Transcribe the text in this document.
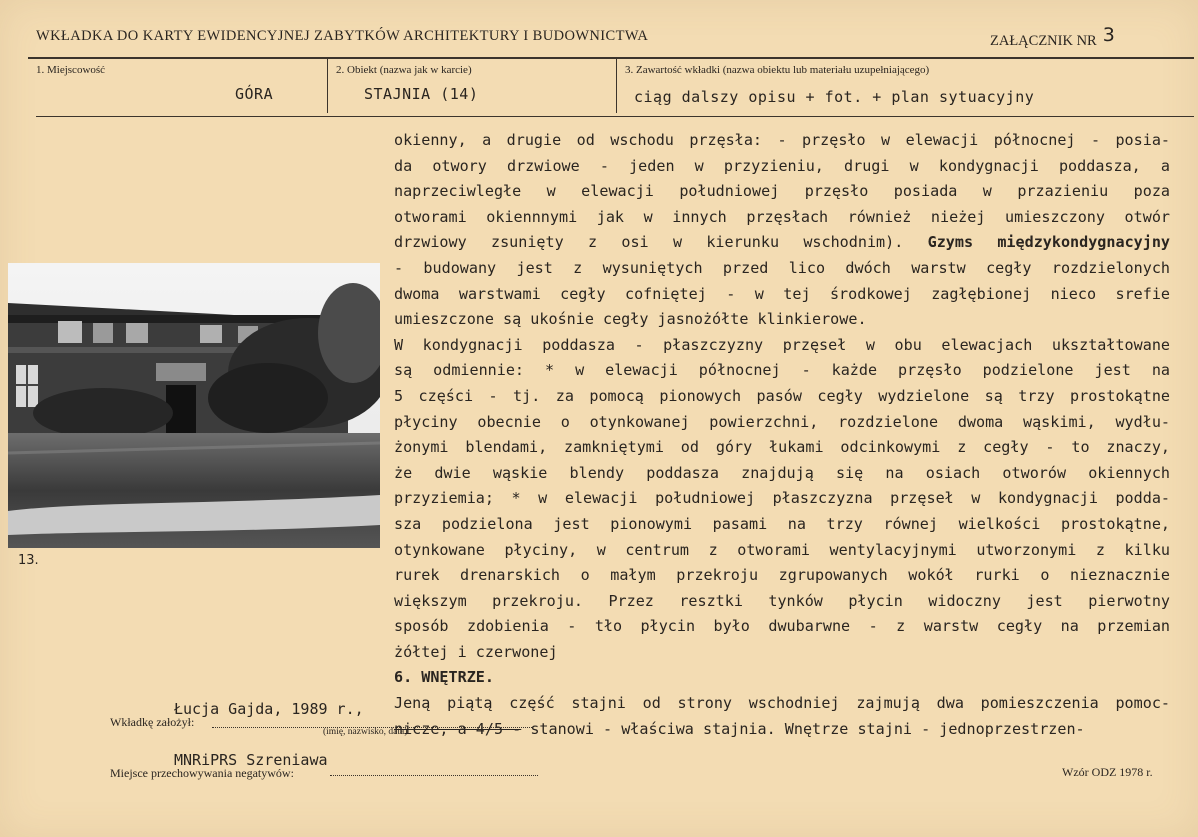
WKŁADKA DO KARTY EWIDENCYJNEJ ZABYTKÓW ARCHITEKTURY I BUDOWNICTWA	ZAŁĄCZNIK NR 3
1. Miejscowość
GÓRA
2. Obiekt (nazwa jak w karcie)
STAJNIA (14)
3. Zawartość wkładki (nazwa obiektu lub materiału uzupełniającego)
ciąg dalszy opisu + fot. + plan sytuacyjny
13.
okienny, a drugie od wschodu przęsła: - przęsło w elewacji północnej - posia-
da otwory drzwiowe - jeden w przyzieniu, drugi w kondygnacji poddasza, a
naprzeciwległe w elewacji południowej przęsło posiada w przazieniu poza
otworami okiennnymi jak w innych przęsłach również nieżej umieszczony otwór
drzwiowy zsunięty z osi w kierunku wschodnim). Gzyms międzykondygnacyjny
- budowany jest z wysuniętych przed lico dwóch warstw cegły rozdzielonych
dwoma warstwami cegły cofniętej - w tej środkowej zagłębionej nieco srefie
umieszczone są ukośnie cegły jasnożółte klinkierowe.
W kondygnacji poddasza - płaszczyzny przęseł w obu elewacjach ukształtowane
są odmiennie: * w elewacji północnej - każde przęsło podzielone jest na
5 części - tj. za pomocą pionowych pasów cegły wydzielone są trzy prostokątne
płyciny obecnie o otynkowanej powierzchni, rozdzielone dwoma wąskimi, wydłu-
żonymi blendami, zamkniętymi od góry łukami odcinkowymi z cegły - to znaczy,
że dwie wąskie blendy poddasza znajdują się na osiach otworów okiennych
przyziemia; * w elewacji południowej płaszczyzna przęseł w kondygnacji podda-
sza podzielona jest pionowymi pasami na trzy równej wielkości prostokątne,
otynkowane płyciny, w centrum z otworami wentylacyjnymi utworzonymi z kilku
rurek drenarskich o małym przekroju zgrupowanych wokół rurki o nieznacznie
większym przekroju. Przez resztki tynków płycin widoczny jest pierwotny
sposób zdobienia - tło płycin było dwubarwne - z warstw cegły na przemian
żółtej i czerwonej
6. WNĘTRZE.
Jeną piątą część stajni od strony wschodniej zajmują dwa pomieszczenia pomoc-
nicze, a 4/5 - stanowi - właściwa stajnia. Wnętrze stajni - jednoprzestrzen-
Łucja Gajda, 1989 r.,
Wkładkę założył:
(imię, nazwisko, data)
MNRiPRS Szreniawa
Miejsce przechowywania negatywów:	Wzór ODZ 1978 r.
